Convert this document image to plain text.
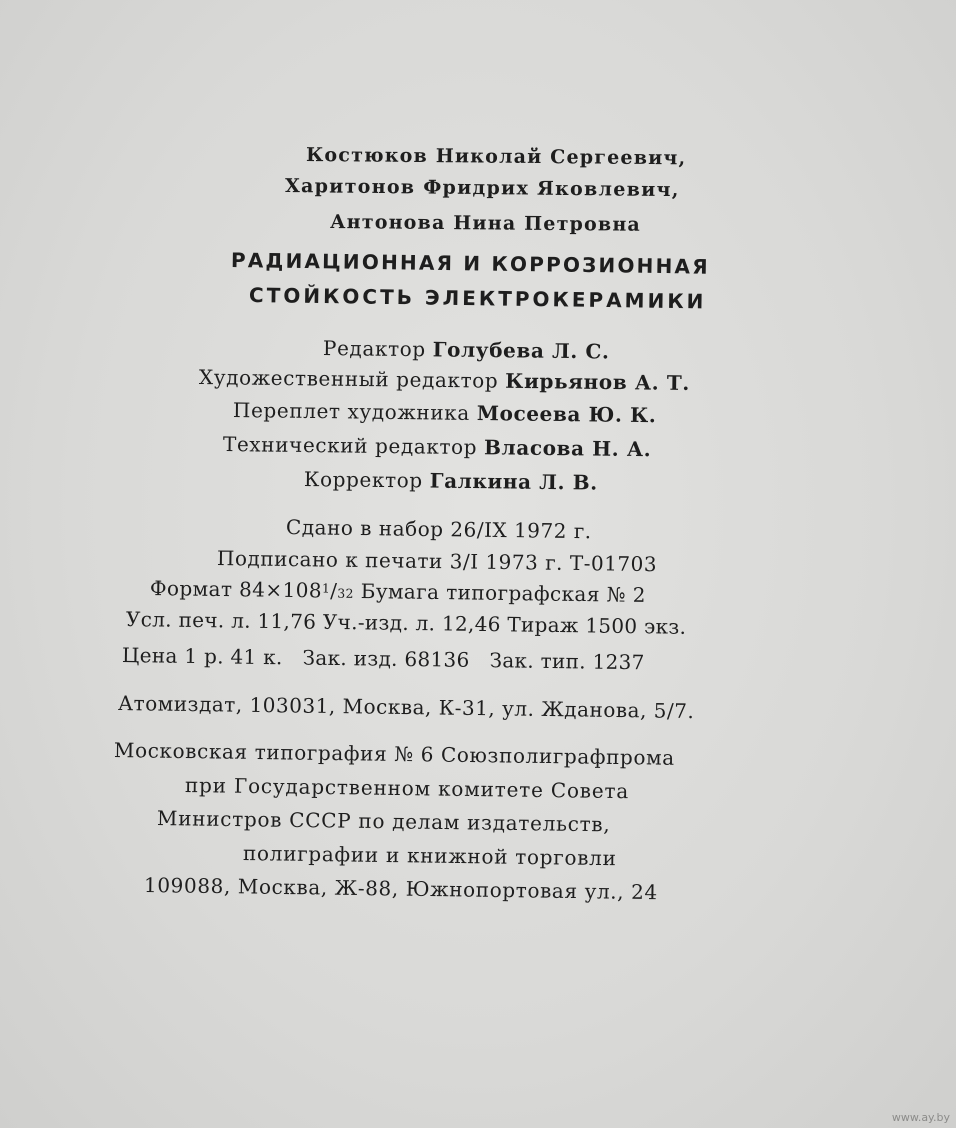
Костюков Николай Сергеевич,
Харитонов Фридрих Яковлевич,
Антонова Нина Петровна
РАДИАЦИОННАЯ И КОРРОЗИОННАЯ
СТОЙКОСТЬ ЭЛЕКТРОКЕРАМИКИ
Редактор Голубева Л. С.
Художественный редактор Кирьянов А. Т.
Переплет художника Мосеева Ю. К.
Технический редактор Власова Н. А.
Корректор Галкина Л. В.
Сдано в набор 26/IX 1972 г.
Подписано к печати 3/I 1973 г. Т-01703
Формат $84\times 108^1/32$ Бумага типографская № 2
Усл. печ. л. 11,76 Уч.-изд. л. 12,46 Тираж 1500 экз.
Цена 1 р. 41 к.   Зак. изд. 68136   Зак. тип. 1237
Атомиздат, 103031, Москва, К-31, ул. Жданова, 5/7.
Московская типография № 6 Союзполиграфпрома
при Государственном комитете Совета
Министров СССР по делам издательств,
полиграфии и книжной торговли
109088, Москва, Ж-88, Южнопортовая ул., 24
www.ay.by
